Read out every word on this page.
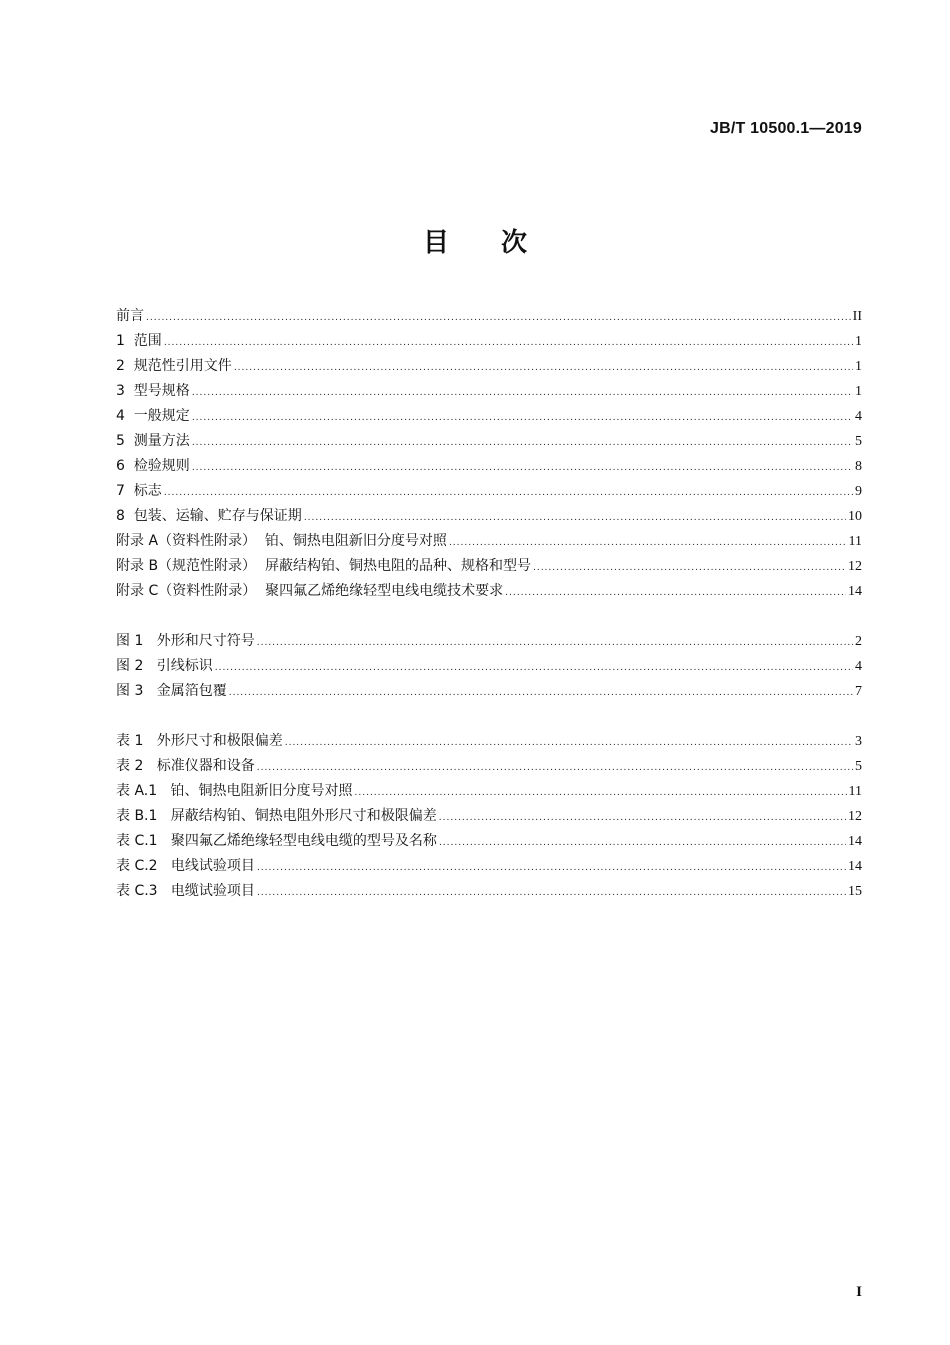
JB/T 10500.1—2019
目 次
前言 .....	II
1  范围 .....	1
2  规范性引用文件 .....	1
3  型号规格 .....	1
4  一般规定 .....	4
5  测量方法 .....	5
6  检验规则 .....	8
7  标志 .....	9
8  包装、运输、贮存与保证期 .....	10
附录 A（资料性附录）  铂、铜热电阻新旧分度号对照 .....	11
附录 B（规范性附录）  屏蔽结构铂、铜热电阻的品种、规格和型号 .....	12
附录 C（资料性附录）  聚四氟乙烯绝缘轻型电线电缆技术要求 .....	14
图 1   外形和尺寸符号 .....	2
图 2   引线标识 .....	4
图 3   金属箔包覆 .....	7
表 1   外形尺寸和极限偏差 .....	3
表 2   标准仪器和设备 .....	5
表 A.1   铂、铜热电阻新旧分度号对照 .....	11
表 B.1   屏蔽结构铂、铜热电阻外形尺寸和极限偏差 .....	12
表 C.1   聚四氟乙烯绝缘轻型电线电缆的型号及名称 .....	14
表 C.2   电线试验项目 .....	14
表 C.3   电缆试验项目 .....	15
I
